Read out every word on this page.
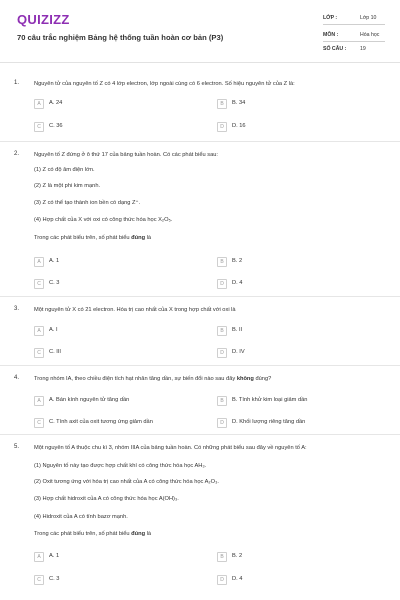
QUIZIZZ
70 câu trắc nghiệm Bảng hệ thống tuần hoàn cơ bản (P3)
LỚP :	Lớp 10
MÔN :	Hóa học
SỐ CÂU :	19
1.	Nguyên tử của nguyên tố Z có 4 lớp electron, lớp ngoài cùng có 6 electron. Số hiệu nguyên tử của Z là:
A	A. 24	B	B. 34
C	C. 36	D	D. 16
2.	Nguyên tố Z đứng ở ô thứ 17 của bảng tuần hoàn. Có các phát biểu sau:
(1) Z có độ âm điện lớn.
(2) Z là một phi kim mạnh.
(3) Z có thể tạo thành ion bền có dạng Z⁺.
(4) Hợp chất của X với oxi có công thức hóa học X₂O₅.
Trong các phát biểu trên, số phát biểu đúng là
A	A. 1	B	B. 2
C	C. 3	D	D. 4
3.	Một nguyên tử X có 21 electron. Hóa trị cao nhất của X trong hợp chất với oxi là
A	A. I	B	B. II
C	C. III	D	D. IV
4.	Trong nhóm IA, theo chiều điện tích hạt nhân tăng dần, sự biến đổi nào sau đây không đúng?
A	A. Bán kính nguyên tử tăng dần	B	B. Tính khử kim loại giảm dần
C	C. Tính axit của oxit tương ứng giảm dần	D	D. Khối lượng riêng tăng dần
5.	Một nguyên tố A thuộc chu kì 3, nhóm IIIA của bảng tuần hoàn. Có những phát biểu sau đây về nguyên tố A:
(1) Nguyên tố này tạo được hợp chất khí có công thức hóa học AH₃.
(2) Oxit tương ứng với hóa trị cao nhất của A có công thức hóa học A₂O₃.
(3) Hợp chất hidroxit của A có công thức hóa học A(OH)₃.
(4) Hidroxit của A có tính bazơ mạnh.
Trong các phát biểu trên, số phát biểu đúng là
A	A. 1	B	B. 2
C	C. 3	D	D. 4
